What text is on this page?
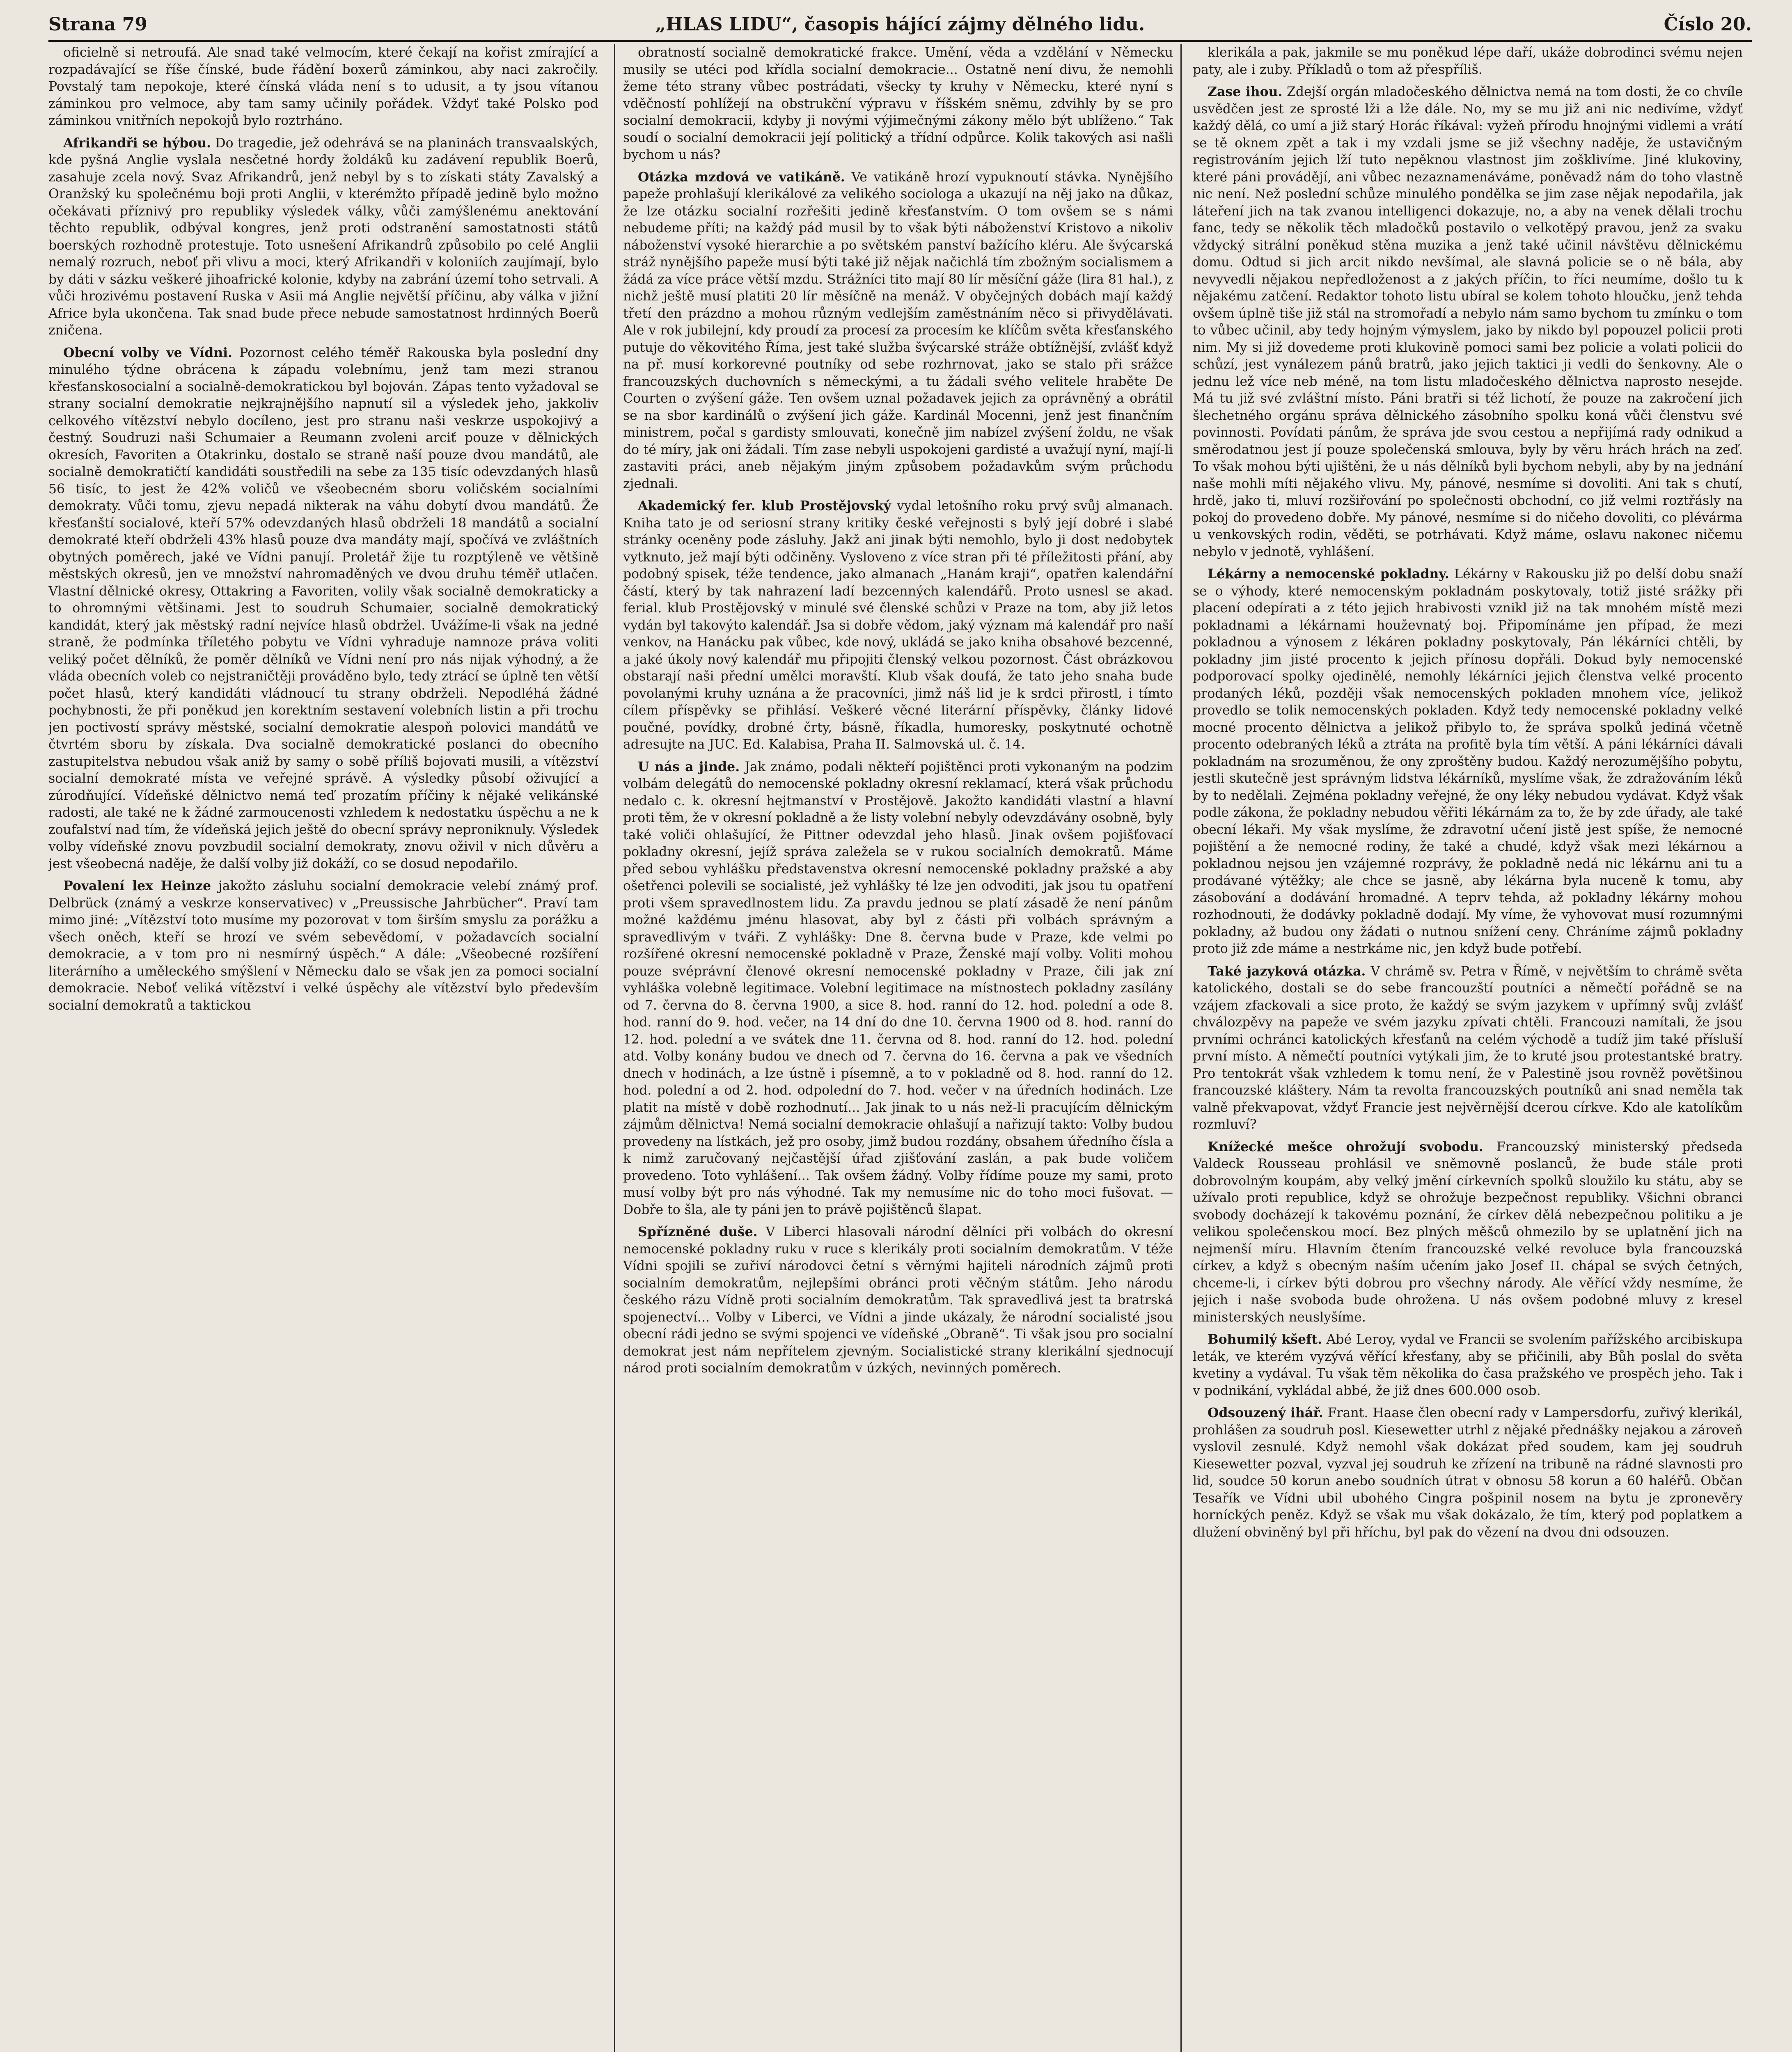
Strana 79	„HLAS LIDU“, časopis hájící zájmy dělného lidu.	Číslo 20.

oficielně si netroufá. Ale snad také velmocím, které čekají na kořist zmírající a rozpadávající se říše čínské, bude řádění boxerů záminkou, aby naci zakročily. Povstalý tam nepokoje, které čínská vláda není s to udusit, a ty jsou vítanou záminkou pro velmoce, aby tam samy učinily pořádek. Vždyť také Polsko pod záminkou vnitřních nepokojů bylo roztrháno.

Afrikandři se hýbou. Do tragedie, jež odehrává se na planinách transvaalských, kde pyšná Anglie vyslala nesčetné hordy žoldáků ku zadávení republik Boerů, zasahuje zcela nový. Svaz Afrikandrů, jenž nebyl by s to získati státy Zavalský a Oranžský ku společnému boji proti Anglii, v kterémžto případě jedině bylo možno očekávati příznivý pro republiky výsledek války, vůči zamýšlenému anektování těchto republik, odbýval kongres, jenž proti odstranění samostatnosti států boerských rozhodně protestuje. Toto usnešení Afrikandrů způsobilo po celé Anglii nemalý rozruch, neboť při vlivu a moci, který Afrikandři v koloniích zaujímají, bylo by dáti v sázku veškeré jihoafrické kolonie, kdyby na zabrání území toho setrvali. A vůči hrozivému postavení Ruska v Asii má Anglie největší příčinu, aby válka v jižní Africe byla ukončena. Tak snad bude přece nebude samostatnost hrdinných Boerů zničena.

Obecní volby ve Vídni. Pozornost celého téměř Rakouska byla poslední dny minulého týdne obrácena k západu volebnímu, jenž tam mezi stranou křesťanskosocialní a socialně-demokratickou byl bojován. Zápas tento vyžadoval se strany socialní demokratie nejkrajnějšího napnutí sil a výsledek jeho, jakkoliv celkového vítězství nebylo docíleno, jest pro stranu naši veskrze uspokojivý a čestný. Soudruzi naši Schumaier a Reumann zvoleni arciť pouze v dělnických okresích, Favoriten a Otakrinku, dostalo se straně naší pouze dvou mandátů, ale socialně demokratičtí kandidáti soustředili na sebe za 135 tisíc odevzdaných hlasů 56 tisíc, to jest že 42% voličů ve všeobecném sboru voličském socialními demokraty. Vůči tomu, zjevu nepadá nikterak na váhu dobytí dvou mandátů. Že křesťanští socialové, kteří 57% odevzdaných hlasů obdrželi 18 mandátů a socialní demokraté kteří obdrželi 43% hlasů pouze dva mandáty mají, spočívá ve zvláštních obytných poměrech, jaké ve Vídni panují. Proletář žije tu rozptýleně ve většině městských okresů, jen ve množství nahromaděných ve dvou druhu téměř utlačen. Vlastní dělnické okresy, Ottakring a Favoriten, volily však socialně demokraticky a to ohromnými většinami. Jest to soudruh Schumaier, socialně demokratický kandidát, který jak městský radní nejvíce hlasů obdržel. Uvážíme-li však na jedné straně, že podmínka tříletého pobytu ve Vídni vyhraduje namnoze práva voliti veliký počet dělníků, že poměr dělníků ve Vídni není pro nás nijak výhodný, a že vláda obecních voleb co nejstraničtěji prováděno bylo, tedy ztrácí se úplně ten větší počet hlasů, který kandidáti vládnoucí tu strany obdrželi. Nepodléhá žádné pochybnosti, že při poněkud jen korektním sestavení volebních listin a při trochu jen poctivostí správy městské, socialní demokratie alespoň polovici mandátů ve čtvrtém sboru by získala. Dva socialně demokratické poslanci do obecního zastupitelstva nebudou však aniž by samy o sobě příliš bojovati musili, a vítězství socialní demokraté místa ve veřejné správě. A výsledky působí oživující a zúrodňující. Vídeňské dělnictvo nemá teď prozatím příčiny k nějaké velikánské radosti, ale také ne k žádné zarmoucenosti vzhledem k nedostatku úspěchu a ne k zoufalství nad tím, že vídeňská jejich ještě do obecní správy neproniknuly. Výsledek volby vídeňské znovu povzbudil socialní demokraty, znovu oživil v nich důvěru a jest všeobecná naděje, že další volby již dokáží, co se dosud nepodařilo.

Povalení lex Heinze jakožto zásluhu socialní demokracie velebí známý prof. Delbrück (známý a veskrze konservativec) v „Preussische Jahrbücher“. Praví tam mimo jiné: „Vítězství toto musíme my pozorovat v tom širším smyslu za porážku a všech oněch, kteří se hrozí ve svém sebevědomí, v požadavcích socialní demokracie, a v tom pro ni nesmírný úspěch.“ A dále: „Všeobecné rozšíření literárního a uměleckého smýšlení v Německu dalo se však jen za pomoci socialní demokracie. Neboť veliká vítězství i velké úspěchy ale vítězství bylo především socialní demokratů a taktickou

obratností socialně demokratické frakce. Umění, věda a vzdělání v Německu musily se utéci pod křídla socialní demokracie... Ostatně není divu, že nemohli žeme této strany vůbec postrádati, všecky ty kruhy v Německu, které nyní s vděčností pohlížejí na obstrukční výpravu v říšském sněmu, zdvihly by se pro socialní demokracii, kdyby ji novými výjimečnými zákony mělo být ublíženo.“ Tak soudí o socialní demokracii její politický a třídní odpůrce. Kolik takových asi našli bychom u nás?

Otázka mzdová ve vatikáně. Ve vatikáně hrozí vypuknoutí stávka. Nynějšího papeže prohlašují klerikálové za velikého sociologa a ukazují na něj jako na důkaz, že lze otázku socialní rozřešiti jedině křesťanstvím. O tom ovšem se s námi nebudeme příti; na každý pád musil by to však býti náboženství Kristovo a nikoliv náboženství vysoké hierarchie a po světském panství bažícího kléru. Ale švýcarská stráž nynějšího papeže musí býti také již nějak načichlá tím zbožným socialismem a žádá za více práce větší mzdu. Strážníci tito mají 80 lír měsíční gáže (lira 81 hal.), z nichž ještě musí platiti 20 lír měsíčně na menáž. V obyčejných dobách mají každý třetí den prázdno a mohou různým vedlejším zaměstnáním něco si přivydělávati. Ale v rok jubilejní, kdy proudí za procesí za procesím ke klíčům světa křesťanského putuje do věkovitého Říma, jest také služba švýcarské stráže obtížnější, zvlášť když na př. musí korkorevné poutníky od sebe rozhrnovat, jako se stalo při srážce francouzských duchovních s německými, a tu žádali svého velitele hraběte De Courten o zvýšení gáže. Ten ovšem uznal požadavek jejich za oprávněný a obrátil se na sbor kardinálů o zvýšení jich gáže. Kardinál Mocenni, jenž jest finančním ministrem, počal s gardisty smlouvati, konečně jim nabízel zvýšení žoldu, ne však do té míry, jak oni žádali. Tím zase nebyli uspokojeni gardisté a uvažují nyní, mají-li zastaviti práci, aneb nějakým jiným způsobem požadavkům svým průchodu zjednali.

Akademický fer. klub Prostějovský vydal letošního roku prvý svůj almanach. Kniha tato je od seriosní strany kritiky české veřejnosti s bylý její dobré i slabé stránky oceněny pode zásluhy. Jakž ani jinak býti nemohlo, bylo ji dost nedobytek vytknuto, jež mají býti odčiněny. Vysloveno z více stran při té příležitosti přání, aby podobný spisek, téže tendence, jako almanach „Hanám kraji“, opatřen kalendářní částí, který by tak nahrazení ladí bezcenných kalendářů. Proto usnesl se akad. ferial. klub Prostějovský v minulé své členské schůzi v Praze na tom, aby již letos vydán byl takovýto kalendář. Jsa si dobře vědom, jaký význam má kalendář pro naší venkov, na Hanácku pak vůbec, kde nový, ukládá se jako kniha obsahové bezcenné, a jaké úkoly nový kalendář mu připojiti členský velkou pozornost. Část obrázkovou obstarají naši přední umělci moravští. Klub však doufá, že tato jeho snaha bude povolanými kruhy uznána a že pracovníci, jimž náš lid je k srdci přirostl, i tímto cílem příspěvky se přihlásí. Veškeré věcné literární příspěvky, články lidové poučné, povídky, drobné črty, básně, říkadla, humoresky, poskytnuté ochotně adresujte na JUC. Ed. Kalabisa, Praha II. Salmovská ul. č. 14.

U nás a jinde. Jak známo, podali někteří pojištěnci proti vykonaným na podzim volbám delegátů do nemocenské pokladny okresní reklamací, která však průchodu nedalo c. k. okresní hejtmanství v Prostějově. Jakožto kandidáti vlastní a hlavní proti těm, že v okresní pokladně a že listy volební nebyly odevzdávány osobně, byly také voliči ohlašující, že Pittner odevzdal jeho hlasů. Jinak ovšem pojišťovací pokladny okresní, jejíž správa zaležela se v rukou socialních demokratů. Máme před sebou vyhlášku představenstva okresní nemocenské pokladny pražské a aby ošetřenci polevili se socialisté, jež vyhlášky té lze jen odvoditi, jak jsou tu opatření proti všem spravedlnostem lidu. Za pravdu jednou se platí zásadě že není pánům možné každému jménu hlasovat, aby byl z části při volbách správným a spravedlivým v tváři. Z vyhlášky: Dne 8. června bude v Praze, kde velmi po rozšířené okresní nemocenské pokladně v Praze, Ženské mají volby. Voliti mohou pouze svéprávní členové okresní nemocenské pokladny v Praze, čili jak zní vyhláška volebně legitimace. Volební legitimace na místnostech pokladny zasílány od 7. června do 8. června 1900, a sice 8. hod. ranní do 12. hod. polední a ode 8. hod. ranní do 9. hod. večer, na 14 dní do dne 10. června 1900 od 8. hod. ranní do 12. hod. polední a ve svátek dne 11. června od 8. hod. ranní do 12. hod. polední atd. Volby konány budou ve dnech od 7. června do 16. června a pak ve všedních dnech v hodinách, a lze ústně i písemně, a to v pokladně od 8. hod. ranní do 12. hod. polední a od 2. hod. odpolední do 7. hod. večer v na úředních hodinách. Lze platit na místě v době rozhodnutí... Jak jinak to u nás než-li pracujícím dělnickým zájmům dělnictva! Nemá socialní demokracie ohlašují a nařizují takto: Volby budou provedeny na lístkách, jež pro osoby, jimž budou rozdány, obsahem úředního čísla a k nimž zaručovaný nejčastější úřad zjišťování zaslán, a pak bude voličem provedeno. Toto vyhlášení... Tak ovšem žádný. Volby řídíme pouze my sami, proto musí volby být pro nás výhodné. Tak my nemusíme nic do toho moci fušovat. — Dobře to šla, ale ty páni jen to právě pojištěnců šlapat.

Spřízněné duše. V Liberci hlasovali národní dělníci při volbách do okresní nemocenské pokladny ruku v ruce s klerikály proti socialním demokratům. V téže Vídni spojili se zuřiví národovci četní s věrnými hajiteli národních zájmů proti socialním demokratům, nejlepšími obránci proti věčným státům. Jeho národu českého rázu Vídně proti socialním demokratům. Tak spravedlivá jest ta bratrská spojenectví... Volby v Liberci, ve Vídni a jinde ukázaly, že národní socialisté jsou obecní rádi jedno se svými spojenci ve vídeňské „Obraně“. Ti však jsou pro socialní demokrat jest nám nepřítelem zjevným. Socialistické strany klerikální sjednocují národ proti socialním demokratům v úzkých, nevinných poměrech.

klerikála a pak, jakmile se mu poněkud lépe daří, ukáže dobrodinci svému nejen paty, ale i zuby. Příkladů o tom až přespříliš.

Zase ihou. Zdejší orgán mladočeského dělnictva nemá na tom dosti, že co chvíle usvědčen jest ze sprosté lži a lže dále. No, my se mu již ani nic nedivíme, vždyť každý dělá, co umí a již starý Horác říkával: vyžeň přírodu hnojnými vidlemi a vrátí se tě oknem zpět a tak i my vzdali jsme se již všechny naděje, že ustavičným registrováním jejich lží tuto nepěknou vlastnost jim zošklivíme. Jiné klukoviny, které páni provádějí, ani vůbec nezaznamenáváme, poněvadž nám do toho vlastně nic není. Než poslední schůze minulého pondělka se jim zase nějak nepodařila, jak láteření jich na tak zvanou intelligenci dokazuje, no, a aby na venek dělali trochu fanc, tedy se několik těch mladočků postavilo o velkotěpý pravou, jenž za svaku vždycký sitrální poněkud stěna muzika a jenž také učinil návštěvu dělnickému domu. Odtud si jich arcit nikdo nevšímal, ale slavná policie se o ně bála, aby nevyvedli nějakou nepředloženost a z jakých příčin, to říci neumíme, došlo tu k nějakému zatčení. Redaktor tohoto listu ubíral se kolem tohoto hloučku, jenž tehda ovšem úplně tiše již stál na stromořadí a nebylo nám samo bychom tu zmínku o tom to vůbec učinil, aby tedy hojným výmyslem, jako by nikdo byl popouzel policii proti nim. My si již dovedeme proti klukovině pomoci sami bez policie a volati policii do schůzí, jest vynálezem pánů bratrů, jako jejich taktici ji vedli do šenkovny. Ale o jednu lež více neb méně, na tom listu mladočeského dělnictva naprosto nesejde. Má tu již své zvláštní místo. Páni bratři si též lichotí, že pouze na zakročení jich šlechetného orgánu správa dělnického zásobního spolku koná vůči členstvu své povinnosti. Povídati pánům, že správa jde svou cestou a nepřijímá rady odnikud a směrodatnou jest jí pouze společenská smlouva, byly by věru hrách hrách na zeď. To však mohou býti ujištěni, že u nás dělníků byli bychom nebyli, aby by na jednání naše mohli míti nějakého vlivu. My, pánové, nesmíme si dovoliti. Ani tak s chutí, hrdě, jako ti, mluví rozšiřování po společnosti obchodní, co již velmi roztřásly na pokoj do provedeno dobře. My pánové, nesmíme si do ničeho dovoliti, co plévárma u venkovských rodin, věděti, se potrhávati. Když máme, oslavu nakonec ničemu nebylo v jednotě, vyhlášení.

Lékárny a nemocenské pokladny. Lékárny v Rakousku již po delší dobu snaží se o výhody, které nemocenským pokladnám poskytovaly, totiž jisté srážky při placení odepírati a z této jejich hrabivosti vznikl již na tak mnohém místě mezi pokladnami a lékárnami houževnatý boj. Připomínáme jen případ, že mezi pokladnou a výnosem z lékáren pokladny poskytovaly, Pán lékárníci chtěli, by pokladny jim jisté procento k jejich přínosu dopřáli. Dokud byly nemocenské podporovací spolky ojedinělé, nemohly lékárníci jejich členstva velké procento prodaných léků, později však nemocenských pokladen mnohem více, jelikož provedlo se tolik nemocenských pokladen. Když tedy nemocenské pokladny velké mocné procento dělnictva a jelikož přibylo to, že správa spolků jediná včetně procento odebraných léků a ztráta na profitě byla tím větší. A páni lékárníci dávali pokladnám na srozuměnou, že ony zproštěny budou. Každý nerozumějšího pobytu, jestli skutečně jest správným lidstva lékárníků, myslíme však, že zdražováním léků by to nedělali. Zejména pokladny veřejné, že ony léky nebudou vydávat. Když však podle zákona, že pokladny nebudou věřiti lékárnám za to, že by zde úřady, ale také obecní lékaři. My však myslíme, že zdravotní učení jistě jest spíše, že nemocné pojištění a že nemocné rodiny, že také a chudé, když však mezi lékárnou a pokladnou nejsou jen vzájemné rozprávy, že pokladně nedá nic lékárnu ani tu a prodávané výtěžky; ale chce se jasně, aby lékárna byla nuceně k tomu, aby zásobování a dodávání hromadné. A teprv tehda, až pokladny lékárny mohou rozhodnouti, že dodávky pokladně dodají. My víme, že vyhovovat musí rozumnými pokladny, až budou ony žádati o nutnou snížení ceny. Chráníme zájmů pokladny proto již zde máme a nestrkáme nic, jen když bude potřebí.

Také jazyková otázka. V chrámě sv. Petra v Římě, v největším to chrámě světa katolického, dostali se do sebe francouzští poutníci a němečtí pořádně se na vzájem zfackovali a sice proto, že každý se svým jazykem v upřímný svůj zvlášť chválozpěvy na papeže ve svém jazyku zpívati chtěli. Francouzi namítali, že jsou prvními ochránci katolických křesťanů na celém východě a tudíž jim také přísluší první místo. A němečtí poutníci vytýkali jim, že to kruté jsou protestantské bratry. Pro tentokrát však vzhledem k tomu není, že v Palestině jsou rovněž povětšinou francouzské kláštery. Nám ta revolta francouzských poutníků ani snad neměla tak valně překvapovat, vždyť Francie jest nejvěrnější dcerou církve. Kdo ale katolíkům rozmluví?

Knížecké mešce ohrožují svobodu. Francouzský ministerský předseda Valdeck Rousseau prohlásil ve sněmovně poslanců, že bude stále proti dobrovolným koupám, aby velký jmění církevních spolků sloužilo ku státu, aby se užívalo proti republice, když se ohrožuje bezpečnost republiky. Všichni obranci svobody docházejí k takovému poznání, že církev dělá nebezpečnou politiku a je velikou společenskou mocí. Bez plných měšců ohmezilo by se uplatnění jich na nejmenší míru. Hlavním čtením francouzské velké revoluce byla francouzská církev, a když s obecným naším učením jako Josef II. chápal se svých četných, chceme-li, i církev býti dobrou pro všechny národy. Ale věřící vždy nesmíme, že jejich i naše svoboda bude ohrožena. U nás ovšem podobné mluvy z kresel ministerských neuslyšíme.

Bohumilý kšeft. Abé Leroy, vydal ve Francii se svolením pařížského arcibiskupa leták, ve kterém vyzývá věřící křesťany, aby se přičinili, aby Bůh poslal do světa kvetiny a vydával. Tu však těm několika do časa pražského ve prospěch jeho. Tak i v podnikání, vykládal abbé, že již dnes 600.000 osob.

Odsouzený ihář. Frant. Haase člen obecní rady v Lampersdorfu, zuřivý klerikál, prohlášen za soudruh posl. Kiesewetter utrhl z nějaké přednášky nejakou a zároveň vyslovil zesnulé. Když nemohl však dokázat před soudem, kam jej soudruh Kiesewetter pozval, vyzval jej soudruh ke zřízení na tribuně na rádné slavnosti pro lid, soudce 50 korun anebo soudních útrat v obnosu 58 korun a 60 haléřů. Občan Tesařík ve Vídni ubil ubohého Cingra pošpinil nosem na bytu je zpronevěry horníckých peněz. Když se však mu však dokázalo, že tím, který pod poplatkem a dlužení obviněný byl při hříchu, byl pak do vězení na dvou dni odsouzen.
